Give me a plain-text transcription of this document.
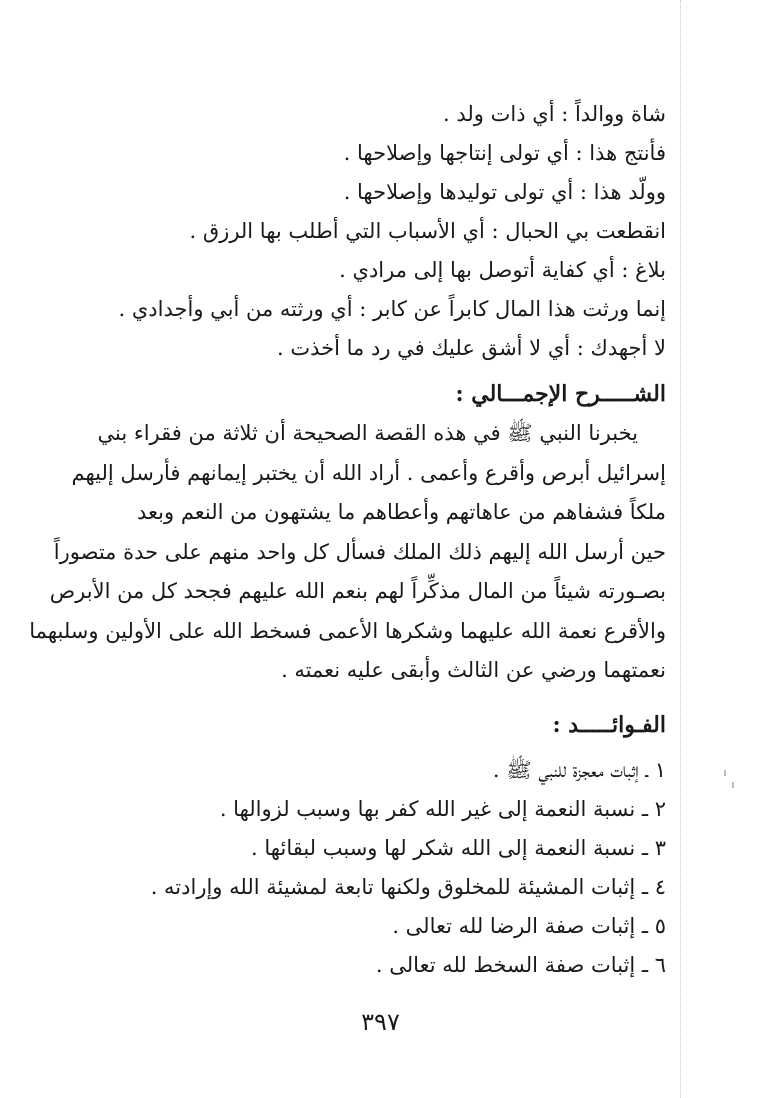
شاة ووالداً : أي ذات ولد .
فأنتج هذا : أي تولى إنتاجها وإصلاحها .
وولّد هذا : أي تولى توليدها وإصلاحها .
انقطعت بي الحبال : أي الأسباب التي أطلب بها الرزق .
بلاغ : أي كفاية أتوصل بها إلى مرادي .
إنما ورثت هذا المال كابراً عن كابر : أي ورثته من أبي وأجدادي .
لا أجهدك : أي لا أشق عليك في رد ما أخذت .
الشـــــرح الإجمـــالي :
يخبرنا النبي ﷺ في هذه القصة الصحيحة أن ثلاثة من فقراء بني
إسرائيل أبرص وأقرع وأعمى . أراد الله أن يختبر إيمانهم فأرسل إليهم
ملكاً فشفاهم من عاهاتهم وأعطاهم ما يشتهون من النعم وبعد
حين أرسل الله إليهم ذلك الملك فسأل كل واحد منهم على حدة متصوراً
بصـورته شيئاً من المال مذكِّراً لهم بنعم الله عليهم فجحد كل من الأبرص
والأقرع نعمة الله عليهما وشكرها الأعمى فسخط الله على الأولين وسلبهما
نعمتهما ورضي عن الثالث وأبقى عليه نعمته .
الفـوائـــــد :
١ ـ إثبات معجزة للنبي ﷺ .
٢ ـ نسبة النعمة إلى غير الله كفر بها وسبب لزوالها .
٣ ـ نسبة النعمة إلى الله شكر لها وسبب لبقائها .
٤ ـ إثبات المشيئة للمخلوق ولكنها تابعة لمشيئة الله وإرادته .
٥ ـ إثبات صفة الرضا لله تعالى .
٦ ـ إثبات صفة السخط لله تعالى .
٣٩٧
